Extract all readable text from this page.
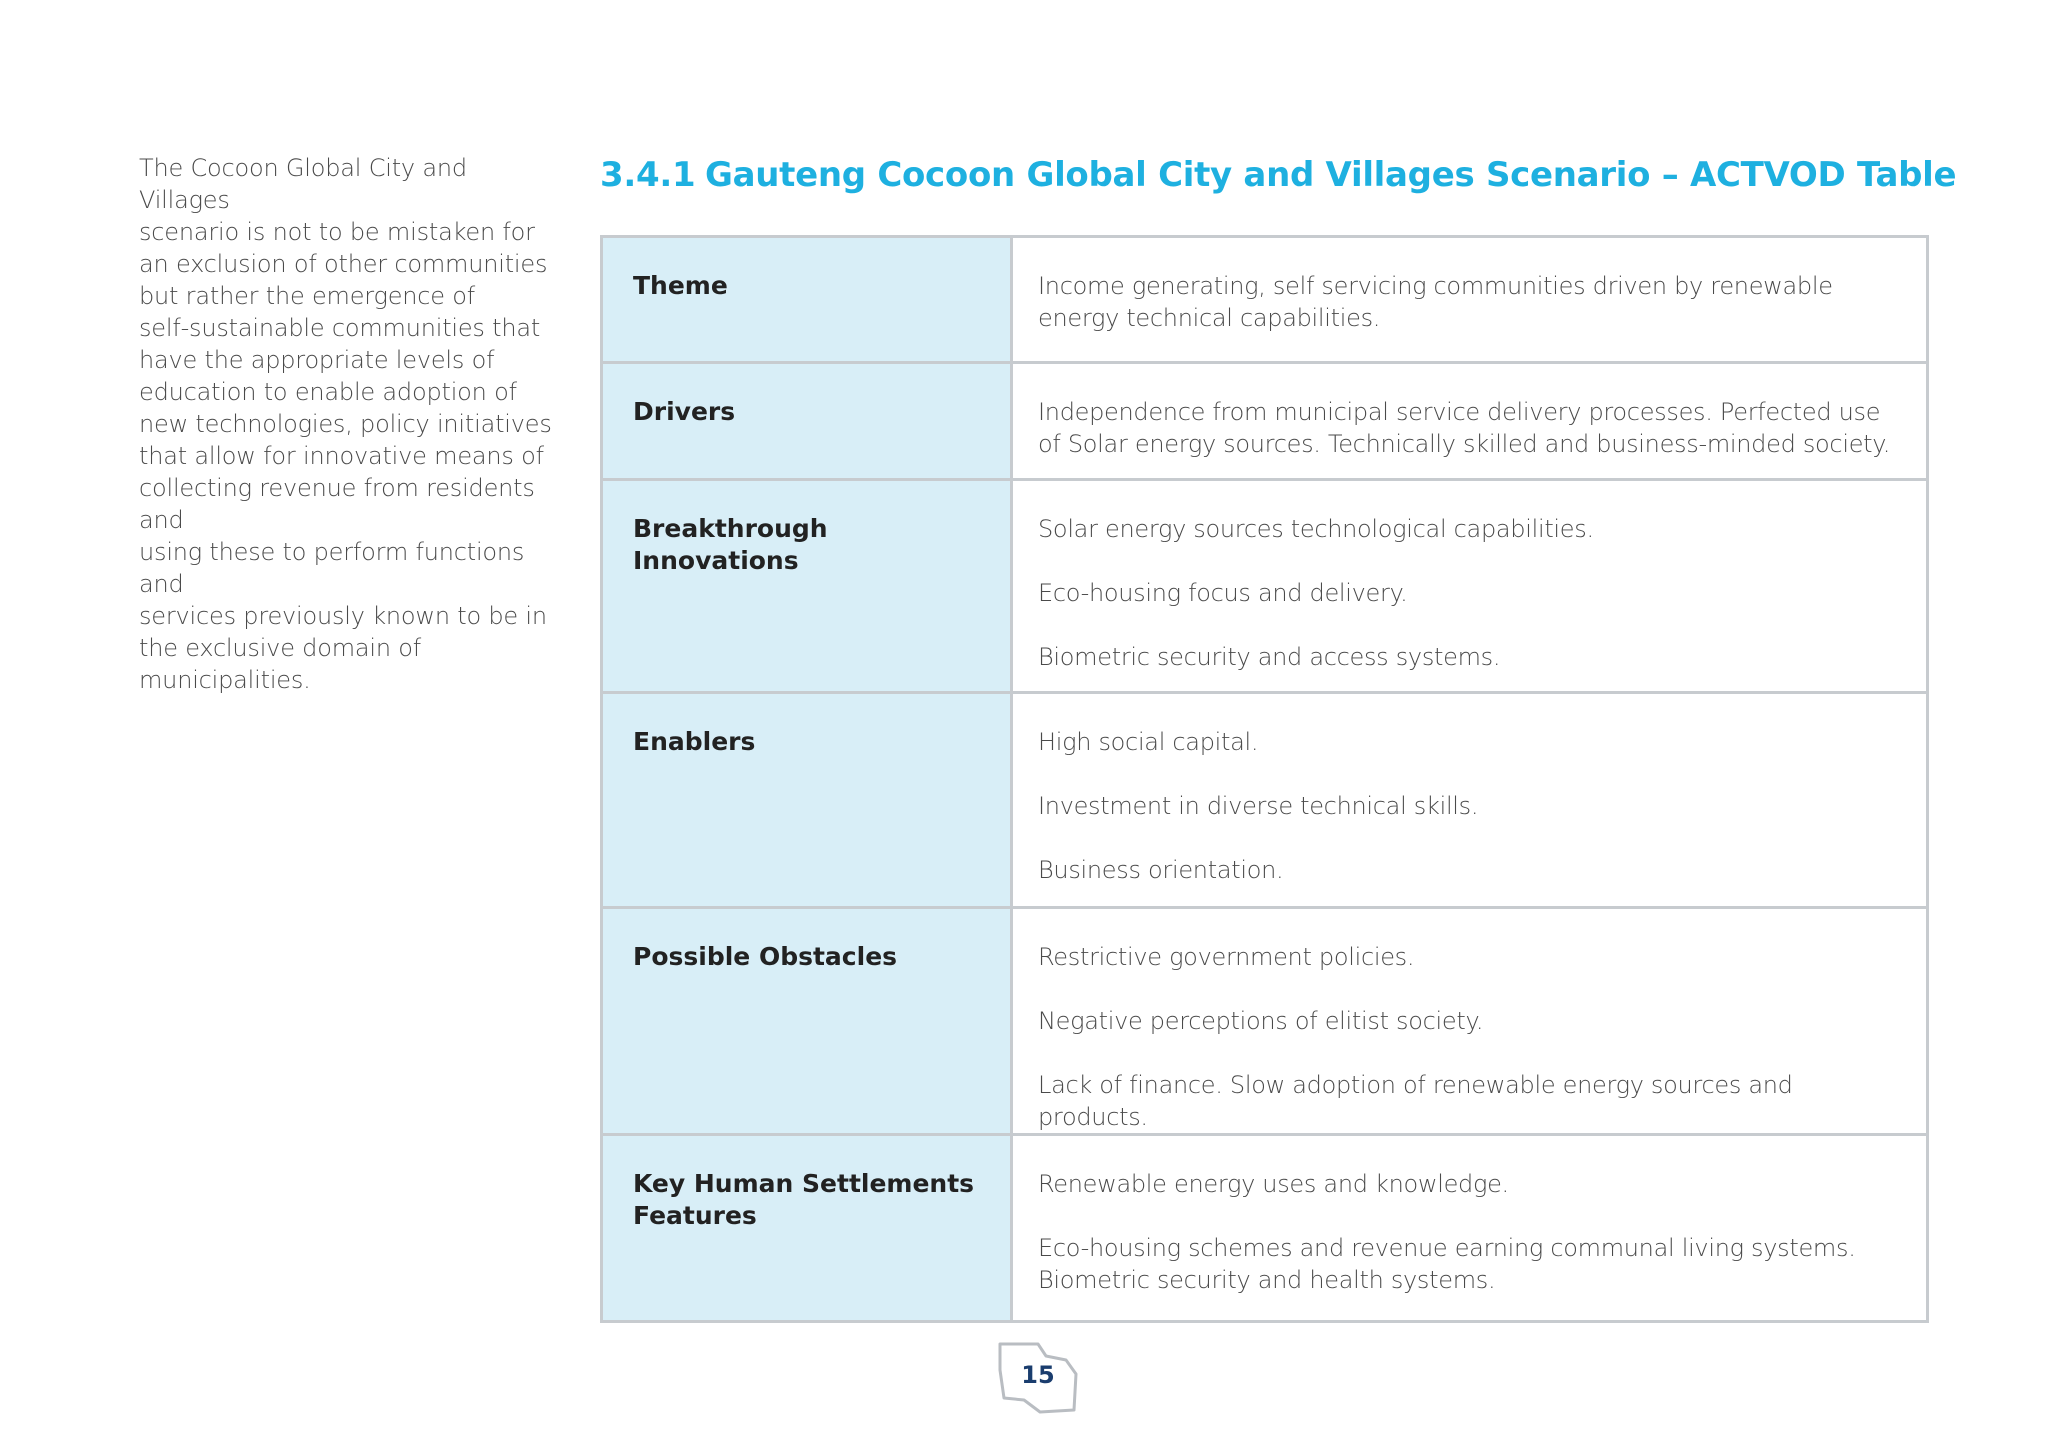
The Cocoon Global City and Villages
scenario is not to be mistaken for
an exclusion of other communities
but rather the emergence of
self-sustainable communities that
have the appropriate levels of
education to enable adoption of
new technologies, policy initiatives
that allow for innovative means of
collecting revenue from residents and
using these to perform functions and
services previously known to be in
the exclusive domain of municipalities.
3.4.1 Gauteng Cocoon Global City and Villages Scenario – ACTVOD Table
Theme	Income generating, self servicing communities driven by renewable energy technical capabilities.

Drivers	Independence from municipal service delivery processes. Perfected use of Solar energy sources. Technically skilled and business-minded society.

Breakthrough Innovations	Solar energy sources technological capabilities.

Eco-housing focus and delivery.

Biometric security and access systems.

Enablers	High social capital.

Investment in diverse technical skills.

Business orientation.

Possible Obstacles	Restrictive government policies.

Negative perceptions of elitist society.

Lack of finance. Slow adoption of renewable energy sources and products.

Key Human Settlements Features	Renewable energy uses and knowledge.

Eco-housing schemes and revenue earning communal living systems. Biometric security and health systems.

15
